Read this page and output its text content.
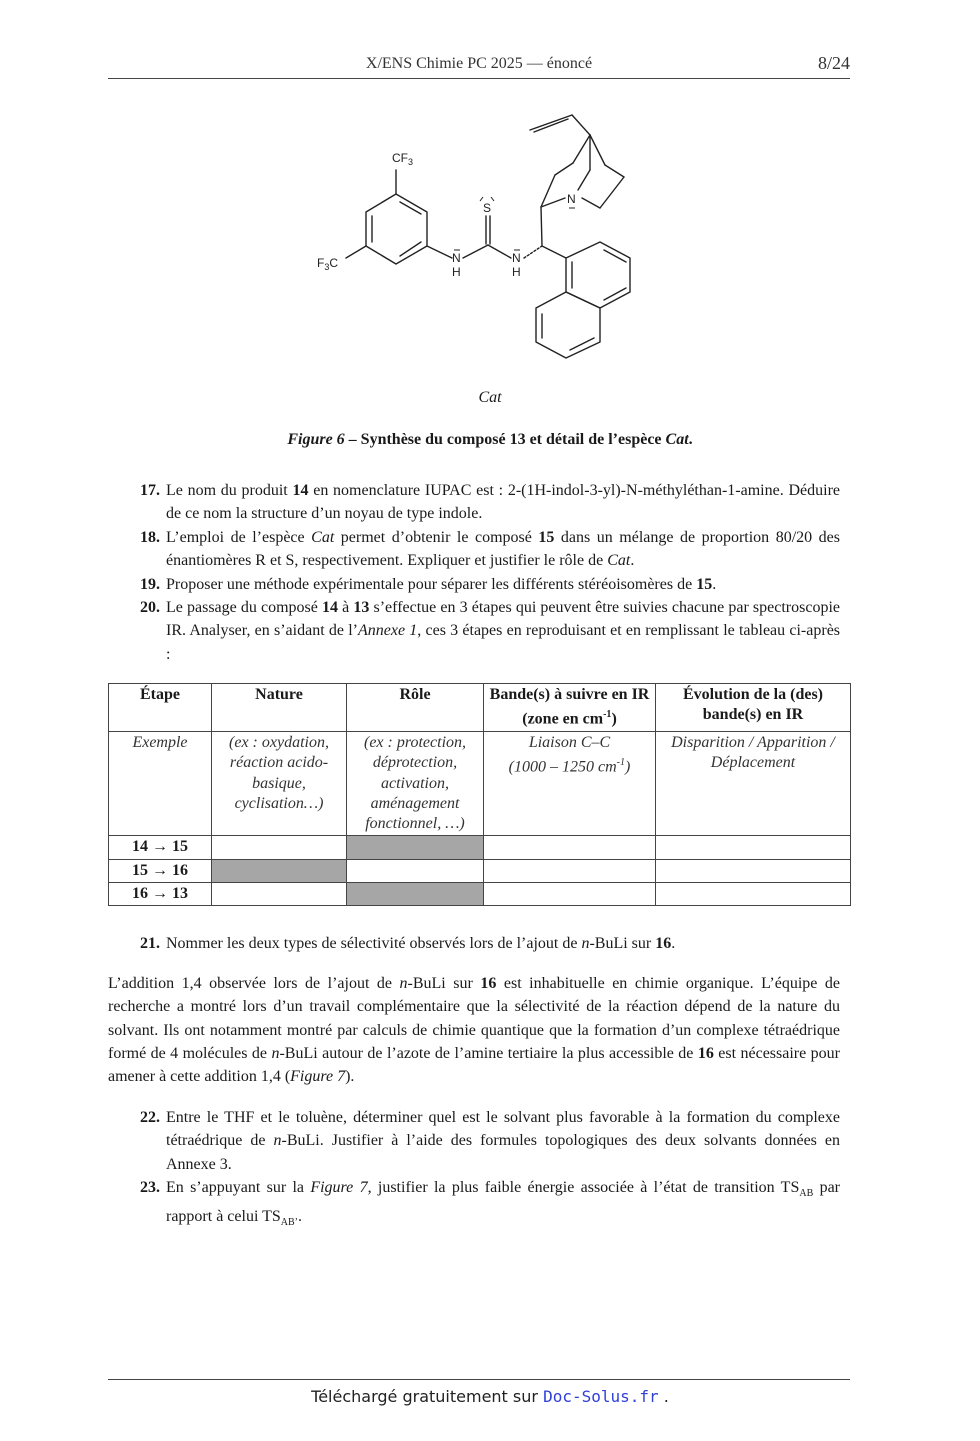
X/ENS Chimie PC 2025 — énoncé	8/24
$CF_3$
$F_3C$
S
N
H
N
H
N
Cat
Figure 6 – Synthèse du composé 13 et détail de l’espèce Cat.
17. Le nom du produit 14 en nomenclature IUPAC est : 2-(1H-indol-3-yl)-N-méthyléthan-1-amine. Déduire de ce nom la structure d’un noyau de type indole.
18. L’emploi de l’espèce Cat permet d’obtenir le composé 15 dans un mélange de proportion 80/20 des énantiomères R et S, respectivement. Expliquer et justifier le rôle de Cat.
19. Proposer une méthode expérimentale pour séparer les différents stéréoisomères de 15.
20. Le passage du composé 14 à 13 s’effectue en 3 étapes qui peuvent être suivies chacune par spectroscopie IR. Analyser, en s’aidant de l’Annexe 1, ces 3 étapes en reproduisant et en remplissant le tableau ci-après :
Étape	Nature	Rôle	Bande(s) à suivre en IR (zone en $cm^{-1}$)	Évolution de la (des) bande(s) en IR
Exemple	(ex : oxydation, réaction acido-basique, cyclisation…)	(ex : protection, déprotection, activation, aménagement fonctionnel, …)	Liaison C–C
(1000 – 1250 $cm^{-1}$)	Disparition / Apparition / Déplacement
14 → 15				
15 → 16				
16 → 13				
21. Nommer les deux types de sélectivité observés lors de l’ajout de n-BuLi sur 16.
L’addition 1,4 observée lors de l’ajout de n-BuLi sur 16 est inhabituelle en chimie organique. L’équipe de recherche a montré lors d’un travail complémentaire que la sélectivité de la réaction dépend de la nature du solvant. Ils ont notamment montré par calculs de chimie quantique que la formation d’un complexe tétraédrique formé de 4 molécules de n-BuLi autour de l’azote de l’amine tertiaire la plus accessible de 16 est nécessaire pour amener à cette addition 1,4 (Figure 7).
22. Entre le THF et le toluène, déterminer quel est le solvant plus favorable à la formation du complexe tétraédrique de n-BuLi. Justifier à l’aide des formules topologiques des deux solvants données en Annexe 3.
23. En s’appuyant sur la Figure 7, justifier la plus faible énergie associée à l’état de transition $TS_{AB}$ par rapport à celui $TS_{AB’}$.
Téléchargé gratuitement sur Doc-Solus.fr .
